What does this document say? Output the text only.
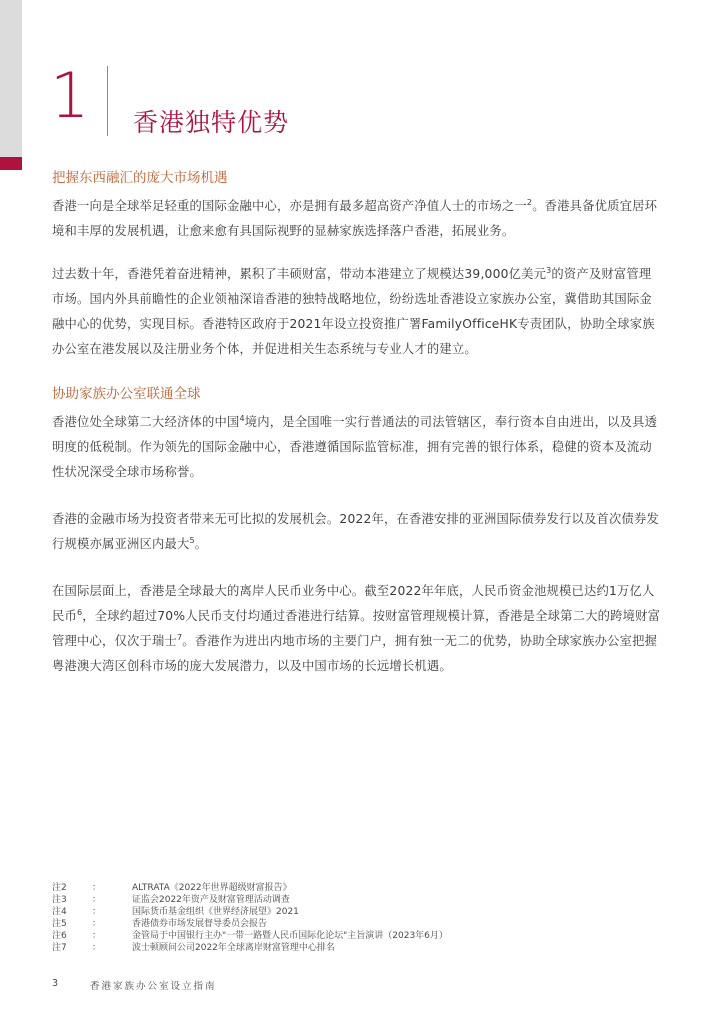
1 香港独特优势
把握东西融汇的庞大市场机遇

香港一向是全球举足轻重的国际金融中心，亦是拥有最多超高资产净值人士的市场之一$^2$。香港具备优质宜居环境和丰厚的发展机遇，让愈来愈有具国际视野的显赫家族选择落户香港，拓展业务。

过去数十年，香港凭着奋进精神，累积了丰硕财富，带动本港建立了规模达39,000亿美元$^3$的资产及财富管理市场。国内外具前瞻性的企业领袖深谙香港的独特战略地位，纷纷选址香港设立家族办公室，冀借助其国际金融中心的优势，实现目标。香港特区政府于2021年设立投资推广署FamilyOfficeHK专责团队，协助全球家族办公室在港发展以及注册业务个体，并促进相关生态系统与专业人才的建立。

协助家族办公室联通全球

香港位处全球第二大经济体的中国$^4$境内，是全国唯一实行普通法的司法管辖区，奉行资本自由进出，以及具透明度的低税制。作为领先的国际金融中心，香港遵循国际监管标准，拥有完善的银行体系，稳健的资本及流动性状况深受全球市场称誉。

香港的金融市场为投资者带来无可比拟的发展机会。2022年，在香港安排的亚洲国际债券发行以及首次债券发行规模亦属亚洲区内最大$^5$。

在国际层面上，香港是全球最大的离岸人民币业务中心。截至2022年年底，人民币资金池规模已达约1万亿人民币$^6$，全球约超过70%人民币支付均通过香港进行结算。按财富管理规模计算，香港是全球第二大的跨境财富管理中心，仅次于瑞士$^7$。香港作为进出内地市场的主要门户，拥有独一无二的优势，协助全球家族办公室把握粤港澳大湾区创科市场的庞大发展潜力，以及中国市场的长远增长机遇。

注2	：	ALTRATA《2022年世界超级财富报告》
注3	：	证监会2022年资产及财富管理活动调查
注4	：	国际货币基金组织《世界经济展望》2021
注5	：	香港债券市场发展督导委员会报告
注6	：	金管局于中国银行主办"一带一路暨人民币国际化论坛"主旨演讲（2023年6月）
注7	：	波士顿顾问公司2022年全球离岸财富管理中心排名
3	香港家族办公室设立指南
